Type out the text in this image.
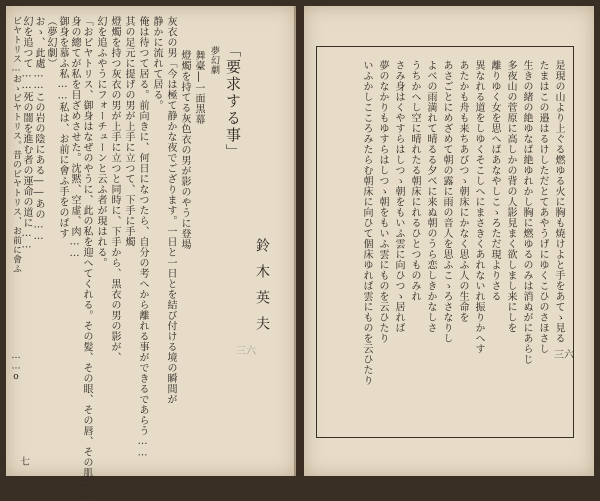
七
三六
鈴木英夫
「要求する事」
夢幻劇
舞臺|一面黒幕
燈燭を持てる灰色衣の男が影のやうに登場
灰衣の男「今は極て静かな夜でござります。一日と一日とを結び付ける境の瞬間が
静かに流れて居る。
俺は待つて居る。前向きに、何日になつたら、自分の考へから離れる事ができるであらう……
其の足元に提げの男が上手に立つて、下手に手燭
燈燭を持つ灰衣の男が上手に立つと同時に、下手から、黒衣の男の影が、
幻を追ふやうにフォーチューンと云ふ者が現はれる。
「おビヤトリス、御身はなぜのやうに、此の私を迎へてくれる。その髪、その眼、その唇、その肌……
身の總てが私を目ざめさせた。沈黙、空虚、肉……
御身を慕ふ私……私は、お前に會ふ手をのばす
（夢幻劇）
おゝ、此處……この岩の陰にある――あの……
幻を追つて……死の闇を進む者の運命の道に……
ビヤトリス…おゝビヤトリス。昔のビヤトリス、お前に會ふ
……o	三六
是現の山より上ぐる燃ゆる火に胸も焼けよと手をあてゝ見る
たまはこの邉はるけしただとてあやうげにゆくこひのさほさし
生きの緒の絶ゆなば絶ゆれかし胸に燃ゆるのみは消ぬがにあらじ
多夜山の菅原に高しかの背の人影見まく欲しまし来にしを
離りゆく女を思へばあなやしこゝろただ現よりさる
異なれる道をしゆくそこしへにまさきくあれないれ振りかへす
あたかも舟も来ちあびつゝ朝床にかなく思ふ人の生命を
あさごとにめざめて朝の露に雨の音人を思ふこゝろさなりし
よべの雨満れて晴るる夕べに来ぬ朝のうら恋しきかなしさ
うちかへし空に晴れたる朝床にれるひとつものみれ
さみ身はくやすらはしつゝ朝をもいふ雲に向ひつゝ居れば
夢のなかりもゆすらはしつゝ朝をもいふ雲にものを云ひたり
いふかしこころみたらむ朝床に向ひて個床ゆれば雲にものを云ひたり
